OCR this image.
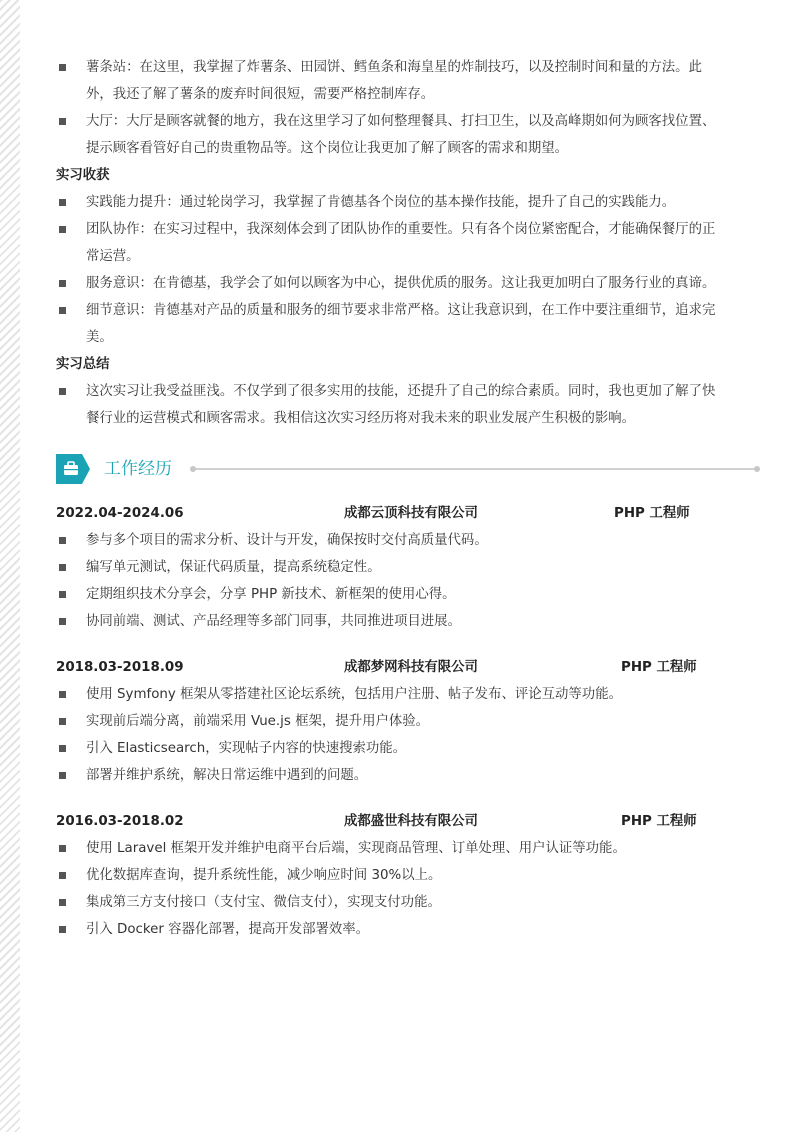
薯条站：在这里，我掌握了炸薯条、田园饼、鳕鱼条和海皇星的炸制技巧，以及控制时间和量的方法。此外，我还了解了薯条的废弃时间很短，需要严格控制库存。
大厅：大厅是顾客就餐的地方，我在这里学习了如何整理餐具、打扫卫生，以及高峰期如何为顾客找位置、提示顾客看管好自己的贵重物品等。这个岗位让我更加了解了顾客的需求和期望。
实习收获
实践能力提升：通过轮岗学习，我掌握了肯德基各个岗位的基本操作技能，提升了自己的实践能力。
团队协作：在实习过程中，我深刻体会到了团队协作的重要性。只有各个岗位紧密配合，才能确保餐厅的正常运营。
服务意识：在肯德基，我学会了如何以顾客为中心，提供优质的服务。这让我更加明白了服务行业的真谛。
细节意识：肯德基对产品的质量和服务的细节要求非常严格。这让我意识到，在工作中要注重细节，追求完美。
实习总结
这次实习让我受益匪浅。不仅学到了很多实用的技能，还提升了自己的综合素质。同时，我也更加了解了快餐行业的运营模式和顾客需求。我相信这次实习经历将对我未来的职业发展产生积极的影响。
工作经历
2022.04-2024.06	成都云顶科技有限公司	PHP 工程师
参与多个项目的需求分析、设计与开发，确保按时交付高质量代码。
编写单元测试，保证代码质量，提高系统稳定性。
定期组织技术分享会，分享 PHP 新技术、新框架的使用心得。
协同前端、测试、产品经理等多部门同事，共同推进项目进展。
2018.03-2018.09	成都梦网科技有限公司	PHP 工程师
使用 Symfony 框架从零搭建社区论坛系统，包括用户注册、帖子发布、评论互动等功能。
实现前后端分离，前端采用 Vue.js 框架，提升用户体验。
引入 Elasticsearch，实现帖子内容的快速搜索功能。
部署并维护系统，解决日常运维中遇到的问题。
2016.03-2018.02	成都盛世科技有限公司	PHP 工程师
使用 Laravel 框架开发并维护电商平台后端，实现商品管理、订单处理、用户认证等功能。
优化数据库查询，提升系统性能，减少响应时间 30%以上。
集成第三方支付接口（支付宝、微信支付），实现支付功能。
引入 Docker 容器化部署，提高开发部署效率。
